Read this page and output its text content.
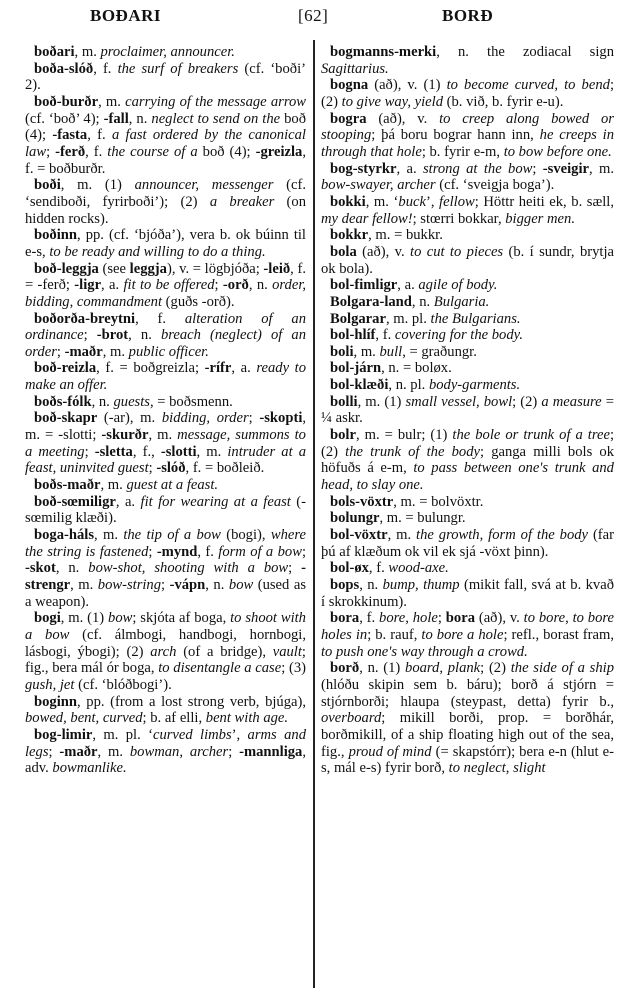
BOÐARI	[62]	BORÐ

boðari, m. proclaimer, announcer.

boða-slóð, f. the surf of breakers (cf. ‘boði’ 2).

boð-burðr, m. carrying of the message arrow (cf. ‘boð’ 4); -fall, n. neglect to send on the boð (4); -fasta, f. a fast ordered by the canonical law; -ferð, f. the course of a boð (4); -greizla, f. = boðburðr.

boði, m. (1) announcer, messenger (cf. ‘sendiboði, fyrirboði’); (2) a breaker (on hidden rocks).

boðinn, pp. (cf. ‘bjóða’), vera b. ok búinn til e-s, to be ready and willing to do a thing.

boð-leggja (see leggja), v. = lögbjóða; -leið, f. = -ferð; -ligr, a. fit to be offered; -orð, n. order, bidding, commandment (guðs -orð).

boðorða-breytni, f. alteration of an ordinance; -brot, n. breach (neglect) of an order; -maðr, m. public officer.

boð-reizla, f. = boðgreizla; -rífr, a. ready to make an offer.

boðs-fólk, n. guests, = boðsmenn.

boð-skapr (-ar), m. bidding, order; -skopti, m. = -slotti; -skurðr, m. message, summons to a meeting; -sletta, f., -slotti, m. intruder at a feast, uninvited guest; -slóð, f. = boðleið.

boðs-maðr, m. guest at a feast.

boð-sœmiligr, a. fit for wearing at a feast (-sœmilig klæði).

boga-háls, m. the tip of a bow (bogi), where the string is fastened; -mynd, f. form of a bow; -skot, n. bow-shot, shooting with a bow; -strengr, m. bow-string; -vápn, n. bow (used as a weapon).

bogi, m. (1) bow; skjóta af boga, to shoot with a bow (cf. álmbogi, handbogi, hornbogi, lásbogi, ýbogi); (2) arch (of a bridge), vault; fig., bera mál ór boga, to disentangle a case; (3) gush, jet (cf. ‘blóðbogi’).

boginn, pp. (from a lost strong verb, bjúga), bowed, bent, curved; b. af elli, bent with age.

bog-limir, m. pl. ‘curved limbs’, arms and legs; -maðr, m. bowman, archer; -mannliga, adv. bowmanlike.

bogmanns-merki, n. the zodiacal sign Sagittarius.

bogna (að), v. (1) to become curved, to bend; (2) to give way, yield (b. við, b. fyrir e-u).

bogra (að), v. to creep along bowed or stooping; þá boru bograr hann inn, he creeps in through that hole; b. fyrir e-m, to bow before one.

bog-styrkr, a. strong at the bow; -sveigir, m. bow-swayer, archer (cf. ‘sveigja boga’).

bokki, m. ‘buck’, fellow; Höttr heiti ek, b. sæll, my dear fellow!; stœrri bokkar, bigger men.

bokkr, m. = bukkr.

bola (að), v. to cut to pieces (b. í sundr, brytja ok bola).

bol-fimligr, a. agile of body.

Bolgara-land, n. Bulgaria.

Bolgarar, m. pl. the Bulgarians.

bol-hlíf, f. covering for the body.

boli, m. bull, = graðungr.

bol-járn, n. = boløx.

bol-klæði, n. pl. body-garments.

bolli, m. (1) small vessel, bowl; (2) a measure = ¼ askr.

bolr, m. = bulr; (1) the bole or trunk of a tree; (2) the trunk of the body; ganga milli bols ok höfuðs á e-m, to pass between one's trunk and head, to slay one.

bols-vöxtr, m. = bolvöxtr.

bolungr, m. = bulungr.

bol-vöxtr, m. the growth, form of the body (far þú af klæðum ok vil ek sjá -vöxt þinn).

bol-øx, f. wood-axe.

bops, n. bump, thump (mikit fall, svá at b. kvað í skrokkinum).

bora, f. bore, hole; bora (að), v. to bore, to bore holes in; b. rauf, to bore a hole; refl., borast fram, to push one's way through a crowd.

borð, n. (1) board, plank; (2) the side of a ship (hlóðu skipin sem b. báru); borð á stjórn = stjórnborði; hlaupa (steypast, detta) fyrir b., overboard; mikill borði, prop. = borðhár, borðmikill, of a ship floating high out of the sea, fig., proud of mind (= skapstórr); bera e-n (hlut e-s, mál e-s) fyrir borð, to neglect, slight
